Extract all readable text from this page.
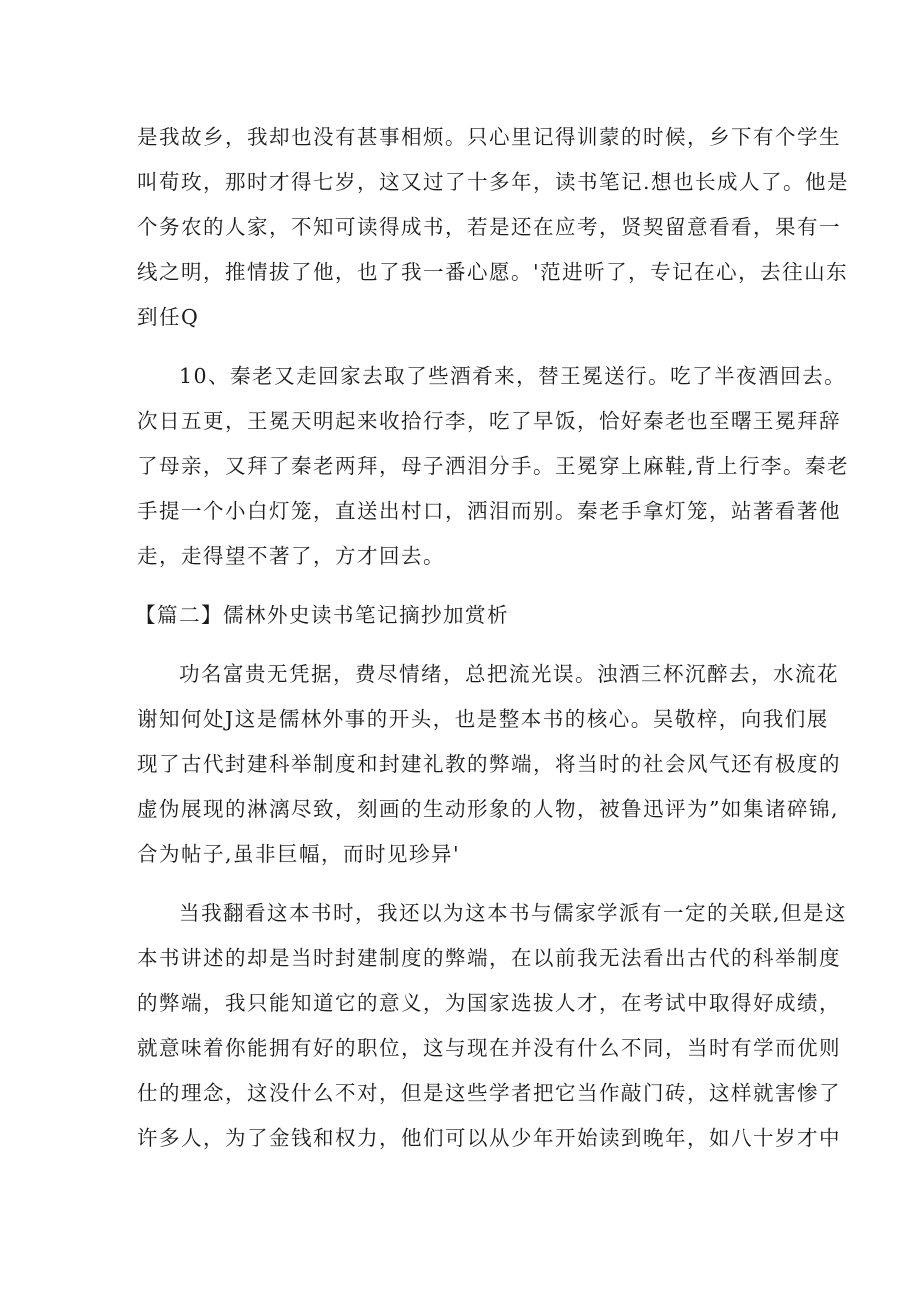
是我故乡，我却也没有甚事相烦。只心里记得训蒙的时候，乡下有个学生
叫荀玫，那时才得七岁，这又过了十多年，读书笔记.想也长成人了。他是
个务农的人家，不知可读得成书，若是还在应考，贤契留意看看，果有一
线之明，推情拔了他，也了我一番心愿。'范进听了，专记在心，去往山东
到任Q
10、秦老又走回家去取了些酒肴来，替王冕送行。吃了半夜酒回去。
次日五更，王冕天明起来收拾行李，吃了早饭，恰好秦老也至曙王冕拜辞
了母亲，又拜了秦老两拜，母子洒泪分手。王冕穿上麻鞋,背上行李。秦老
手提一个小白灯笼，直送出村口，洒泪而别。秦老手拿灯笼，站著看著他
走，走得望不著了，方才回去。
【篇二】儒林外史读书笔记摘抄加赏析
功名富贵无凭据，费尽情绪，总把流光误。浊酒三杯沉醉去，水流花
谢知何处J这是儒林外事的开头，也是整本书的核心。吴敬梓，向我们展
现了古代封建科举制度和封建礼教的弊端，将当时的社会风气还有极度的
虚伪展现的淋漓尽致，刻画的生动形象的人物，被鲁迅评为”如集诸碎锦,
合为帖子,虽非巨幅，而时见珍异'
当我翻看这本书时，我还以为这本书与儒家学派有一定的关联,但是这
本书讲述的却是当时封建制度的弊端，在以前我无法看出古代的科举制度
的弊端，我只能知道它的意义，为国家选拔人才，在考试中取得好成绩，
就意味着你能拥有好的职位，这与现在并没有什么不同，当时有学而优则
仕的理念，这没什么不对，但是这些学者把它当作敲门砖，这样就害惨了
许多人，为了金钱和权力，他们可以从少年开始读到晚年，如八十岁才中
